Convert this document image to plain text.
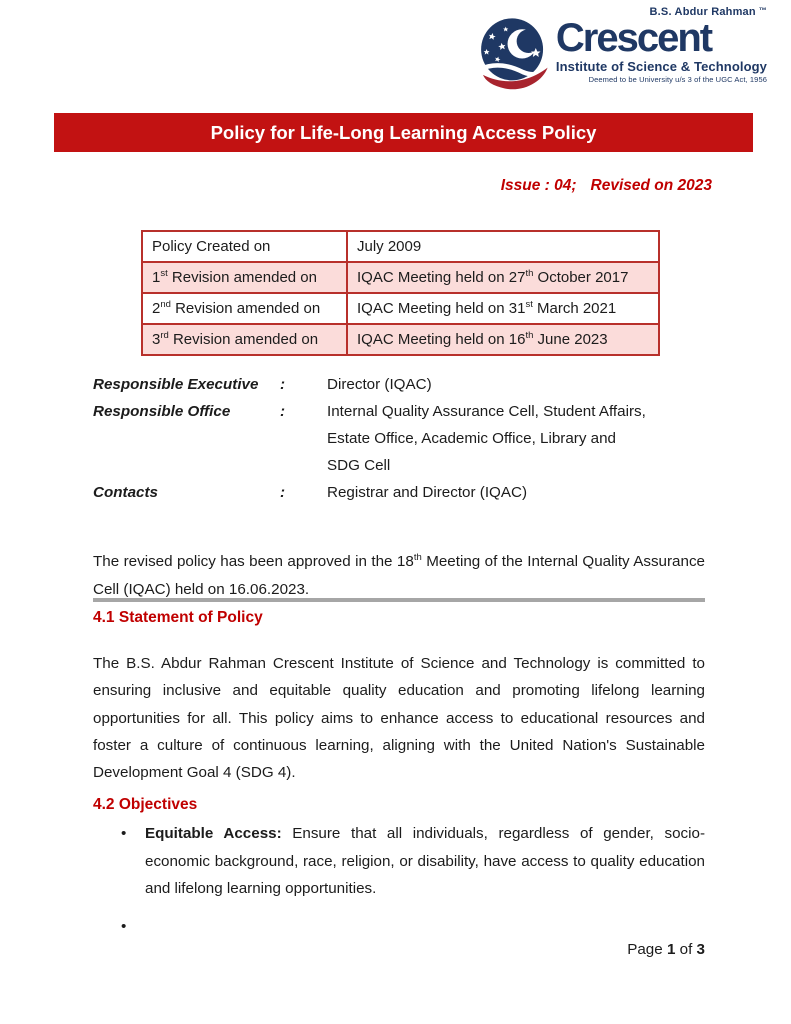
B.S. Abdur Rahman ™
Crescent
Institute of Science & Technology
Deemed to be University u/s 3 of the UGC Act, 1956
Policy for Life-Long Learning Access Policy
Issue : 04; Revised on 2023
Policy Created on	July 2009
1st Revision amended on	IQAC Meeting held on 27th October 2017
2nd Revision amended on	IQAC Meeting held on 31st March 2021
3rd Revision amended on	IQAC Meeting held on 16th June 2023
Responsible Executive	:	Director (IQAC)
Responsible Office	:	Internal Quality Assurance Cell, Student Affairs,
Estate Office, Academic Office, Library and
SDG Cell
Contacts	:	Registrar and Director (IQAC)

The revised policy has been approved in the 18th Meeting of the Internal Quality Assurance Cell (IQAC) held on 16.06.2023.

4.1 Statement of Policy

The B.S. Abdur Rahman Crescent Institute of Science and Technology is committed to ensuring inclusive and equitable quality education and promoting lifelong learning opportunities for all. This policy aims to enhance access to educational resources and foster a culture of continuous learning, aligning with the United Nation's Sustainable Development Goal 4 (SDG 4).

4.2 Objectives
•	Equitable Access: Ensure that all individuals, regardless of gender, socio-economic background, race, religion, or disability, have access to quality education and lifelong learning opportunities.
•
Page 1 of 3
